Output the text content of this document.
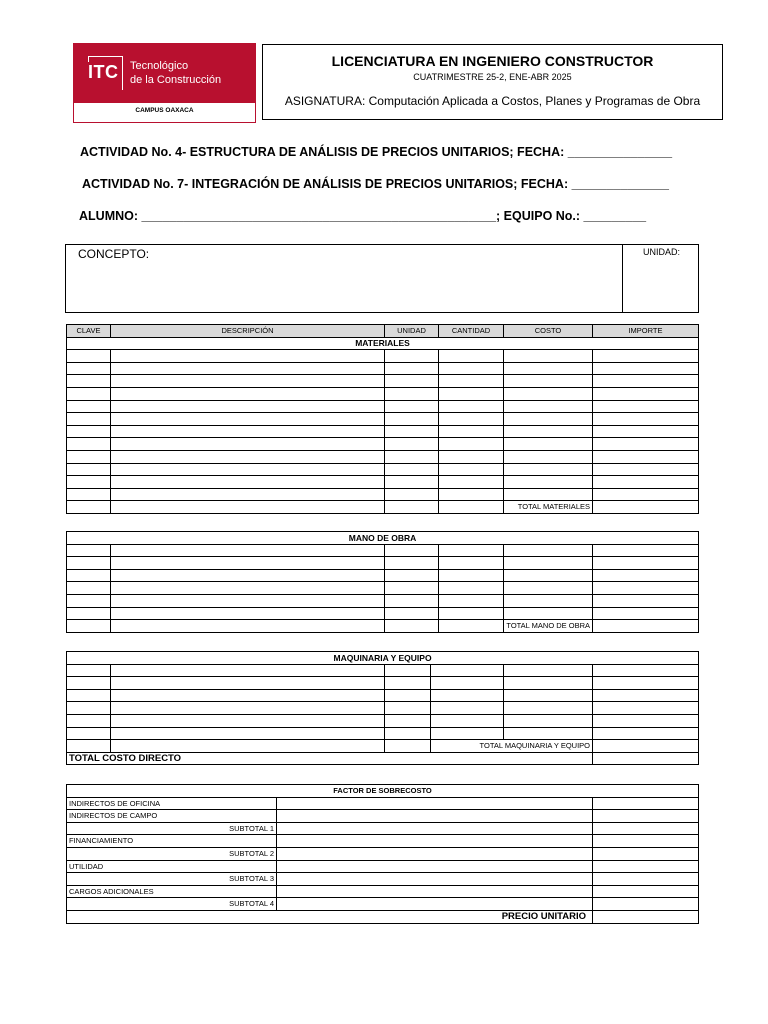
ITC Tecnológico
de la Construcción
CAMPUS OAXACA
LICENCIATURA EN INGENIERO CONSTRUCTOR
CUATRIMESTRE 25-2, ENE-ABR 2025
ASIGNATURA: Computación Aplicada a Costos, Planes y Programas de Obra
ACTIVIDAD No. 4- ESTRUCTURA DE ANÁLISIS DE PRECIOS UNITARIOS; FECHA: _______________
ACTIVIDAD No. 7- INTEGRACIÓN DE ANÁLISIS DE PRECIOS UNITARIOS; FECHA: ______________
ALUMNO: ___________________________________________________; EQUIPO No.: _________
CONCEPTO:	UNIDAD:
CLAVE	DESCRIPCIÓN	UNIDAD	CANTIDAD	COSTO	IMPORTE
MATERIALES					

				TOTAL MATERIALES	
MANO DE OBRA					

				TOTAL MANO DE OBRA	
MAQUINARIA Y EQUIPO					

			TOTAL MAQUINARIA Y EQUIPO		
TOTAL COSTO DIRECTO					
FACTOR DE SOBRECOSTO		
INDIRECTOS DE OFICINA		
INDIRECTOS DE CAMPO		
SUBTOTAL 1		
FINANCIAMIENTO		
SUBTOTAL 2		
UTILIDAD		
SUBTOTAL 3		
CARGOS ADICIONALES		
SUBTOTAL 4		
PRECIO UNITARIO		
